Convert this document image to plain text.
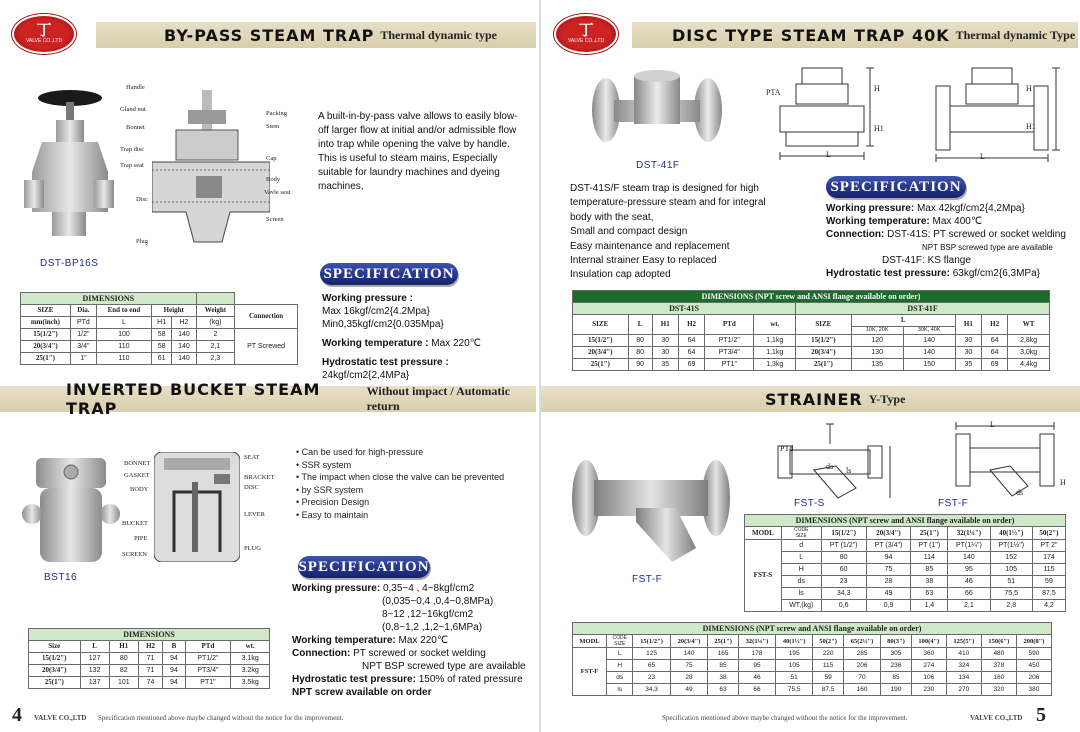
丁
VALVE CO.,LTD	BY-PASS STEAM TRAP Thermal dynamic type
DST-BP16S
Handle
Gland nut
Bonnet
Trap disc
Trap seat
Disc
Plug
Packing
Stem
Cap
Body
Vavle seat
Screen
A built-in-by-pass valve allows to easily blow-off larger flow at initial and/or admissible flow into trap while opening the valve by handle. This is useful to steam mains, Especially suitable for laundry machines and dyeing machines,
SPECIFICATION
Working pressure :
Max 16kgf/cm2{4.2Mpa}
Min0,35kgf/cm2{0.035Mpa}
Working temperature : Max 220℃
Hydrostatic test pressure :
24kgf/cm2{2,4MPa}
DIMENSIONS						
SIZE	Dia.	End to end	Height		Weight	Connection
mm(inch)	PTd	L	H1	H2	(kg)	
15(1/2")	1/2"	100	58	140	2	PT Screwed
20(3/4")	3/4"	110	58	140	2,1	
25(1")	1"	110	61	140	2,3	
INVERTED BUCKET STEAM TRAP
Without impact / Automatic return
BST16
BONNET
GASKET
BODY
BUCKET
PIPE
SCREEN
SEAT
BRACKET
DISC
LEVER
PLUG
• Can be used for high-pressure
• SSR system
• The impact when close the valve can be prevented
• by SSR system
• Precision Design
• Easy to maintain
SPECIFICATION
Working pressure: 0,35~4 , 4~8kgf/cm2
(0,035~0,4 ,0,4~0,8MPa)
8~12 ,12~16kgf/cm2
(0,8~1,2 ,1,2~1,6MPa)
Working temperature: Max 220℃
Connection: PT screwed or socket welding
NPT BSP screwed type are available
Hydrostatic test pressure: 150% of rated pressure
NPT screw available on order
DIMENSIONS						
Size	L	H1	H2	B	PTd	wt.
15(1/2")	127	80	71	94	PT1/2"	3.1kg
20(3/4")	132	82	71	94	PT3/4"	3.2kg
25(1")	137	101	74	94	PT1"	3.5kg
4 VALVE CO.,LTD Specification mentioned above maybe changed without the notice for the improvement.
丁
VALVE CO.,LTD	DISC TYPE STEAM TRAP 40K Thermal dynamic Type
DST-41F
PTA	H
H1
L
H
H1
L
DST-41S/F steam trap is designed for high
temperature-pressure steam and for integral
body with the seat,
Small and compact design
Easy maintenance and replacement
Internal strainer Easy to replaced
Insulation cap adopted
SPECIFICATION
Working pressure: Max 42kgf/cm2{4,2Mpa}
Working temperature: Max 400℃
Connection: DST-41S: PT screwed or socket welding
NPT BSP screwed type are available
DST-41F: KS flange
Hydrostatic test pressure: 63kgf/cm2{6,3MPa}
DIMENSIONS (NPT screw and ANSI flange available on order)											
DST-41S						DST-41F					
SIZE	L	H1	H2	PTd	wt.	SIZE	L		H1	H2	WT
							10K, 20K	30K, 40K			
15(1/2")	80	30	64	PT1/2"	1,1kg	15(1/2")	120	140	30	64	2,8kg
20(3/4")	80	30	64	PT3/4"	1,1kg	20(3/4")	130	140	30	64	3,0kg
25(1")	90	35	69	PT1"	1,3kg	25(1")	135	150	35	69	4,4kg
STRAINER Y-Type
FST-F
PTd
ds ls
FST-S
L
H
ds
FST-F
DIMENSIONS (NPT screw and ANSI flange available on order)							
MODL	CODE
SIZE	15(1/2")	20(3/4")	25(1")	32(1¼")	40(1½")	50(2")
FST-S	d	PT (1/2")	PT (3/4")	PT (1")	PT(1¼")	PT(1½")	PT 2"
	L	80	94	114	140	152	174
	H	60	75	85	95	105	115
	ds	23	28	38	46	51	59
	ls	34,3	49	63	66	75,5	87,5
	WT,(kg)	0,6	0,9	1,4	2,1	2,8	4,2
DIMENSIONS (NPT screw and ANSI flange available on order)													
MODL	CODE
SIZE	15(1/2")	20(3/4")	25(1")	32(1¼")	40(1½")	50(2")	65(2½")	80(3")	100(4")	125(5")	150(6")	200(8")
FST-F	L	125	140	165	178	195	220	285	305	360	410	480	590
	H	65	75	85	95	105	115	206	236	274	324	378	450
	ds	23	28	38	46	51	59	70	85	106	134	160	206
	ls	34,3	49	63	66	75,5	87,5	160	190	230	270	320	380
Specification mentioned above maybe changed without the notice for the improvement.	VALVE CO.,LTD 5
